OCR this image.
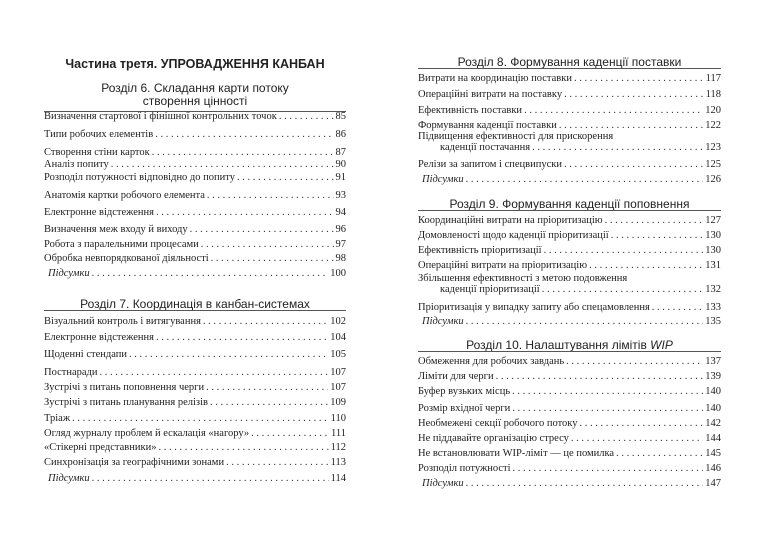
Частина третя. УПРОВАДЖЕННЯ КАНБАН
Розділ 6. Складання карти потоку
створення цінності
Визначення стартової і фінішної контрольних точок . . .	85
Типи робочих елементів . . .	86
Створення стіни карток . . .	87
Аналіз попиту . . .	90
Розподіл потужності відповідно до попиту . . .	91
Анатомія картки робочого елемента . . .	93
Електронне відстеження . . .	94
Визначення меж входу й виходу . . .	96
Робота з паралельними процесами . . .	97
Обробка невпорядкованої діяльності . . .	98
Підсумки . . .	100
Розділ 7. Координація в канбан-системах
Візуальний контроль і витягування . . .	102
Електронне відстеження . . .	104
Щоденні стендапи . . .	105
Постнаради . . .	107
Зустрічі з питань поповнення черги . . .	107
Зустрічі з питань планування релізів . . .	109
Тріаж . . .	110
Огляд журналу проблем й ескалація «нагору» . . .	111
«Стікерні представники» . . .	112
Синхронізація за географічними зонами . . .	113
Підсумки . . .	114
Розділ 8. Формування каденції поставки
Витрати на координацію поставки . . .	117
Операційні витрати на поставку . . .	118
Ефективність поставки . . .	120
Формування каденції поставки . . .	122
Підвищення ефективності для прискорення
каденції постачання . . .	123
Релізи за запитом і спецвипуски . . .	125
Підсумки . . .	126
Розділ 9. Формування каденції поповнення
Координаційні витрати на пріоритизацію . . .	127
Домовленості щодо каденції пріоритизації . . .	130
Ефективність пріоритизації . . .	130
Операційні витрати на пріоритизацію . . .	131
Збільшення ефективності з метою подовження
каденції пріоритизації . . .	132
Пріоритизація у випадку запиту або спецамовлення . . .	133
Підсумки . . .	135
Розділ 10. Налаштування лімітів WIP
Обмеження для робочих завдань . . .	137
Ліміти для черги . . .	139
Буфер вузьких місць . . .	140
Розмір вхідної черги . . .	140
Необмежені секції робочого потоку . . .	142
Не піддавайте організацію стресу . . .	144
Не встановлювати WIP-ліміт — це помилка . . .	145
Розподіл потужності . . .	146
Підсумки . . .	147
